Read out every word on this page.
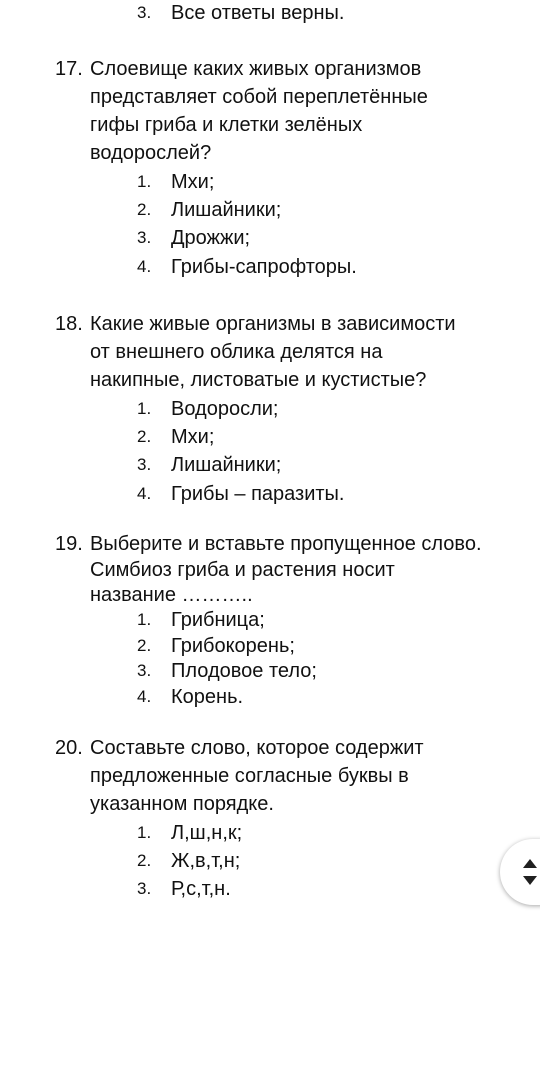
3. Все ответы верны.
17. Слоевище каких живых организмов
представляет собой переплетённые
гифы гриба и клетки зелёных
водорослей?
1. Мхи;
2. Лишайники;
3. Дрожжи;
4. Грибы-сапрофторы.
18. Какие живые организмы в зависимости
от внешнего облика делятся на
накипные, листоватые и кустистые?
1. Водоросли;
2. Мхи;
3. Лишайники;
4. Грибы – паразиты.
19. Выберите и вставьте пропущенное слово.
Симбиоз гриба и растения носит
название ………..
1. Грибница;
2. Грибокорень;
3. Плодовое тело;
4. Корень.
20. Составьте слово, которое содержит
предложенные согласные буквы в
указанном порядке.
1. Л,ш,н,к;
2. Ж,в,т,н;
3. Р,с,т,н.
